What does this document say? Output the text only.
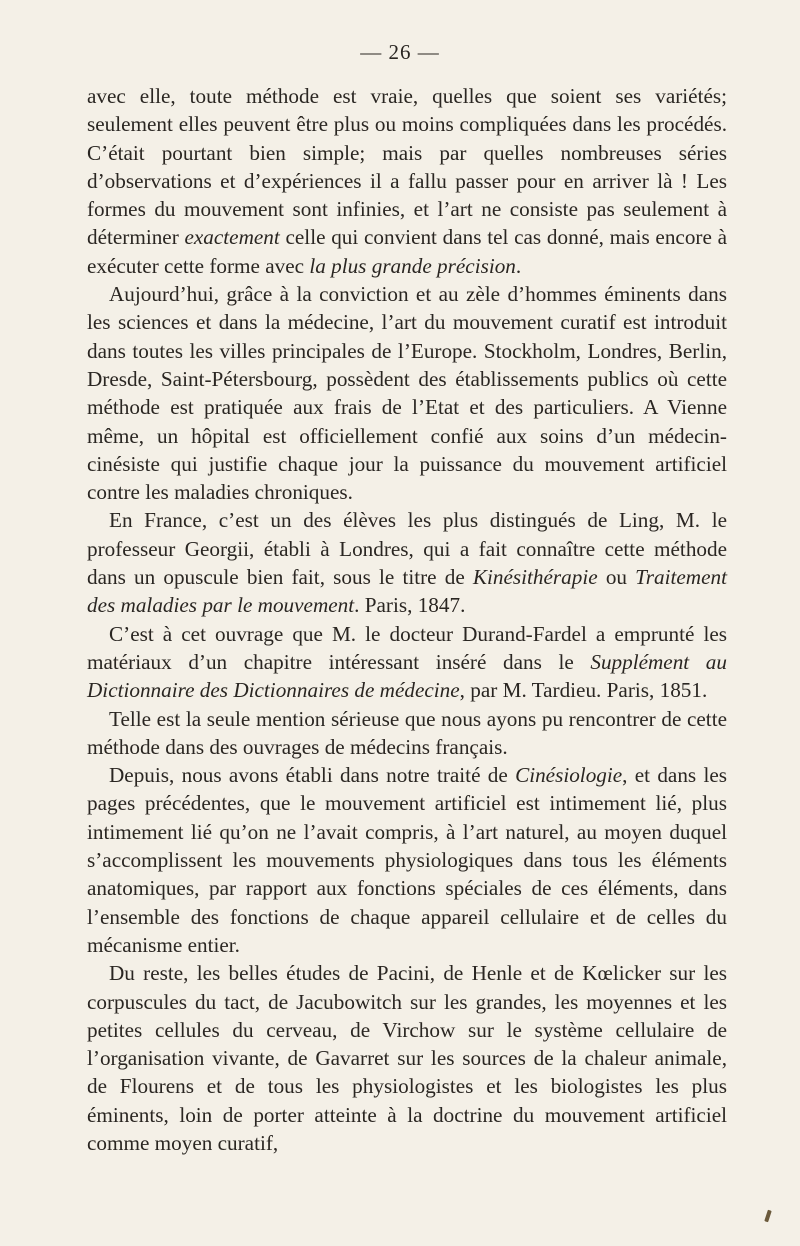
— 26 —

avec elle, toute méthode est vraie, quelles que soient ses variétés; seulement elles peuvent être plus ou moins compliquées dans les procédés. C’était pourtant bien simple; mais par quelles nombreuses séries d’observations et d’expériences il a fallu passer pour en arriver là ! Les formes du mouvement sont infinies, et l’art ne consiste pas seulement à déterminer exactement celle qui convient dans tel cas donné, mais encore à exécuter cette forme avec la plus grande précision.

Aujourd’hui, grâce à la conviction et au zèle d’hommes éminents dans les sciences et dans la médecine, l’art du mouvement curatif est introduit dans toutes les villes principales de l’Europe. Stockholm, Londres, Berlin, Dresde, Saint-Pétersbourg, possèdent des établissements publics où cette méthode est pratiquée aux frais de l’Etat et des particuliers. A Vienne même, un hôpital est officiellement confié aux soins d’un médecin-cinésiste qui justifie chaque jour la puissance du mouvement artificiel contre les maladies chroniques.

En France, c’est un des élèves les plus distingués de Ling, M. le professeur Georgii, établi à Londres, qui a fait connaître cette méthode dans un opuscule bien fait, sous le titre de Kinésithérapie ou Traitement des maladies par le mouvement. Paris, 1847.

C’est à cet ouvrage que M. le docteur Durand-Fardel a emprunté les matériaux d’un chapitre intéressant inséré dans le Supplément au Dictionnaire des Dictionnaires de médecine, par M. Tardieu. Paris, 1851.

Telle est la seule mention sérieuse que nous ayons pu rencontrer de cette méthode dans des ouvrages de médecins français.

Depuis, nous avons établi dans notre traité de Cinésiologie, et dans les pages précédentes, que le mouvement artificiel est intimement lié, plus intimement lié qu’on ne l’avait compris, à l’art naturel, au moyen duquel s’accomplissent les mouvements physiologiques dans tous les éléments anatomiques, par rapport aux fonctions spéciales de ces éléments, dans l’ensemble des fonctions de chaque appareil cellulaire et de celles du mécanisme entier.

Du reste, les belles études de Pacini, de Henle et de Kœlicker sur les corpuscules du tact, de Jacubowitch sur les grandes, les moyennes et les petites cellules du cerveau, de Virchow sur le système cellulaire de l’organisation vivante, de Gavarret sur les sources de la chaleur animale, de Flourens et de tous les physiologistes et les biologistes les plus éminents, loin de porter atteinte à la doctrine du mouvement artificiel comme moyen curatif,
